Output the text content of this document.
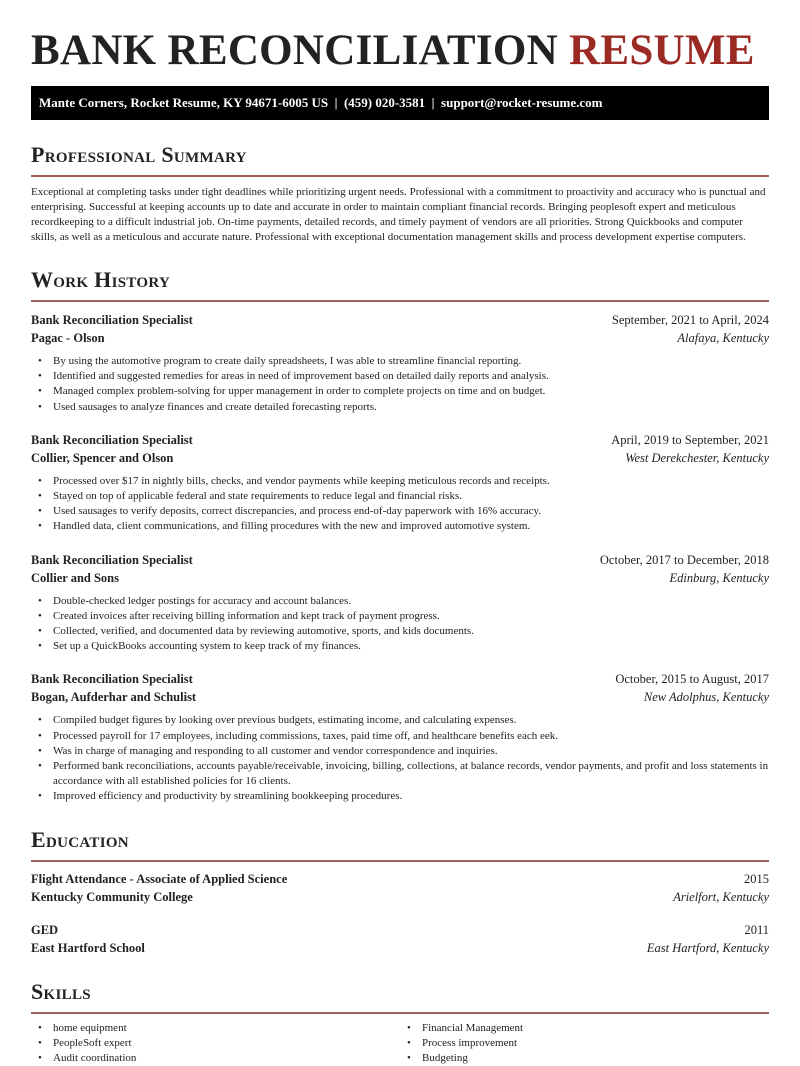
BANK RECONCILIATION RESUME
Mante Corners, Rocket Resume, KY 94671-6005 US  |  (459) 020-3581  |  support@rocket-resume.com
Professional Summary

Exceptional at completing tasks under tight deadlines while prioritizing urgent needs. Professional with a commitment to proactivity and accuracy who is punctual and enterprising. Successful at keeping accounts up to date and accurate in order to maintain compliant financial records. Bringing peoplesoft expert and meticulous recordkeeping to a difficult industrial job. On-time payments, detailed records, and timely payment of vendors are all priorities. Strong Quickbooks and computer skills, as well as a meticulous and accurate nature. Professional with exceptional documentation management skills and process development expertise computers.

Work History
Bank Reconciliation Specialist	September, 2021 to April, 2024
Pagac - Olson	Alafaya, Kentucky
• By using the automotive program to create daily spreadsheets, I was able to streamline financial reporting.
• Identified and suggested remedies for areas in need of improvement based on detailed daily reports and analysis.
• Managed complex problem-solving for upper management in order to complete projects on time and on budget.
• Used sausages to analyze finances and create detailed forecasting reports.
Bank Reconciliation Specialist	April, 2019 to September, 2021
Collier, Spencer and Olson	West Derekchester, Kentucky
• Processed over $17 in nightly bills, checks, and vendor payments while keeping meticulous records and receipts.
• Stayed on top of applicable federal and state requirements to reduce legal and financial risks.
• Used sausages to verify deposits, correct discrepancies, and process end-of-day paperwork with 16% accuracy.
• Handled data, client communications, and filling procedures with the new and improved automotive system.
Bank Reconciliation Specialist	October, 2017 to December, 2018
Collier and Sons	Edinburg, Kentucky
• Double-checked ledger postings for accuracy and account balances.
• Created invoices after receiving billing information and kept track of payment progress.
• Collected, verified, and documented data by reviewing automotive, sports, and kids documents.
• Set up a QuickBooks accounting system to keep track of my finances.
Bank Reconciliation Specialist	October, 2015 to August, 2017
Bogan, Aufderhar and Schulist	New Adolphus, Kentucky
• Compiled budget figures by looking over previous budgets, estimating income, and calculating expenses.
• Processed payroll for 17 employees, including commissions, taxes, paid time off, and healthcare benefits each eek.
• Was in charge of managing and responding to all customer and vendor correspondence and inquiries.
• Performed bank reconciliations, accounts payable/receivable, invoicing, billing, collections, at balance records, vendor payments, and profit and loss statements in accordance with all established policies for 16 clients.
• Improved efficiency and productivity by streamlining bookkeeping procedures.
Education
Flight Attendance - Associate of Applied Science	2015
Kentucky Community College	Arielfort, Kentucky
GED	2011
East Hartford School	East Hartford, Kentucky
Skills
• home equipment
• PeopleSoft expert
• Audit coordination
• Financial Management
• Process improvement
• Budgeting
